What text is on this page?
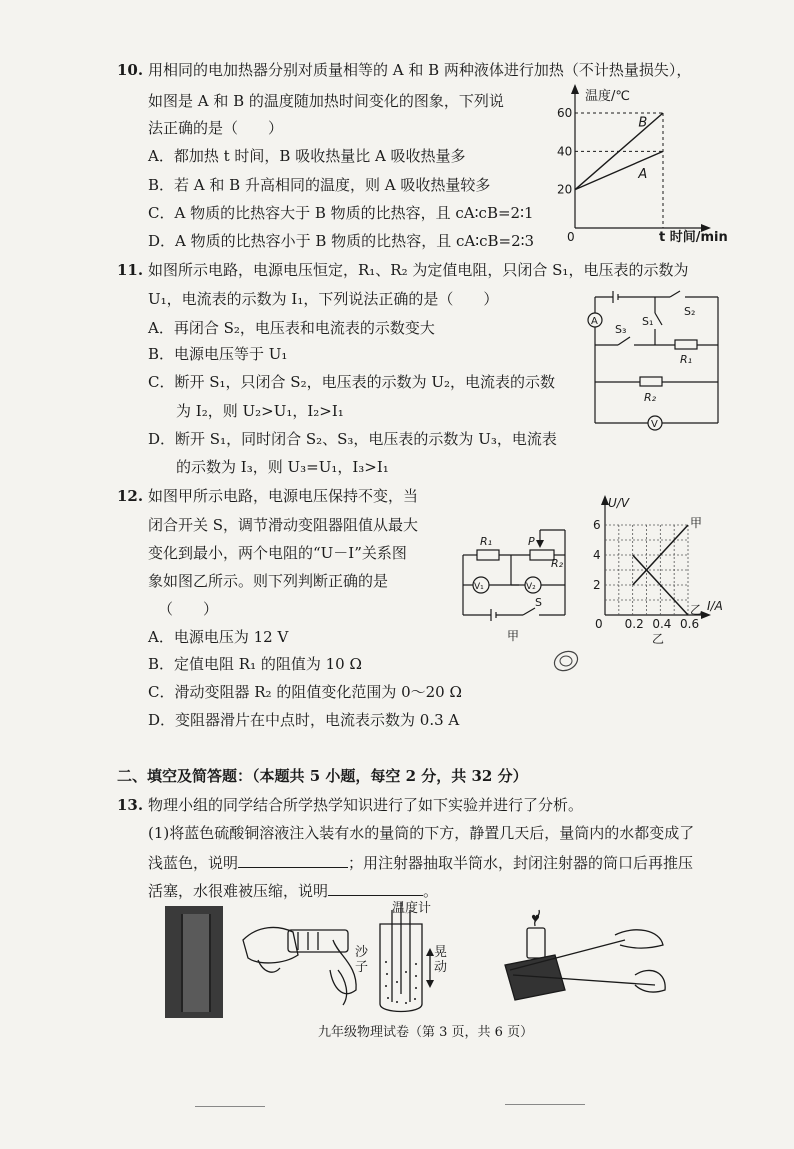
10. 用相同的电加热器分别对质量相等的 A 和 B 两种液体进行加热（不计热量损失），
如图是 A 和 B 的温度随加热时间变化的图象，下列说
法正确的是（　　）
A．都加热 t 时间，B 吸收热量比 A 吸收热量多
B．若 A 和 B 升高相同的温度，则 A 吸收热量较多
C．A 物质的比热容大于 B 物质的比热容，且 cA∶cB=2∶1
D．A 物质的比热容小于 B 物质的比热容，且 cA∶cB=2∶3
温度/℃
t 时间/min
0
20
40
60
A
B
11. 如图所示电路，电源电压恒定，R₁、R₂ 为定值电阻，只闭合 S₁，电压表的示数为
U₁，电流表的示数为 I₁，下列说法正确的是（　　）
A．再闭合 S₂，电压表和电流表的示数变大
B．电源电压等于 U₁
C．断开 S₁，只闭合 S₂，电压表的示数为 U₂，电流表的示数
为 I₂，则 U₂>U₁，I₂>I₁
D．断开 S₁，同时闭合 S₂、S₃，电压表的示数为 U₃，电流表
的示数为 I₃，则 U₃=U₁，I₃>I₁
A
V
S₁
S₂
S₃
R₁
R₂
12. 如图甲所示电路，电源电压保持不变，当
闭合开关 S，调节滑动变阻器阻值从最大
变化到最小，两个电阻的“U－I”关系图
象如图乙所示。则下列判断正确的是
（　　）
A．电源电压为 12 V
B．定值电阻 R₁ 的阻值为 10 Ω
C．滑动变阻器 R₂ 的阻值变化范围为 0～20 Ω
D．变阻器滑片在中点时，电流表示数为 0.3 A
V₁	V₂
R₁
R₂
P
S
甲
U/V
I/A
0
乙
0.2 0.4 0.6
2
4
6	甲
乙
二、填空及简答题：（本题共 5 小题，每空 2 分，共 32 分）
13. 物理小组的同学结合所学热学知识进行了如下实验并进行了分析。
(1)将蓝色硫酸铜溶液注入装有水的量筒的下方，静置几天后，量筒内的水都变成了
浅蓝色，说明	；用注射器抽取半筒水，封闭注射器的筒口后再推压
活塞，水很难被压缩，说明	。
温度计
沙子
晃动
♥
九年级物理试卷（第 3 页，共 6 页）
